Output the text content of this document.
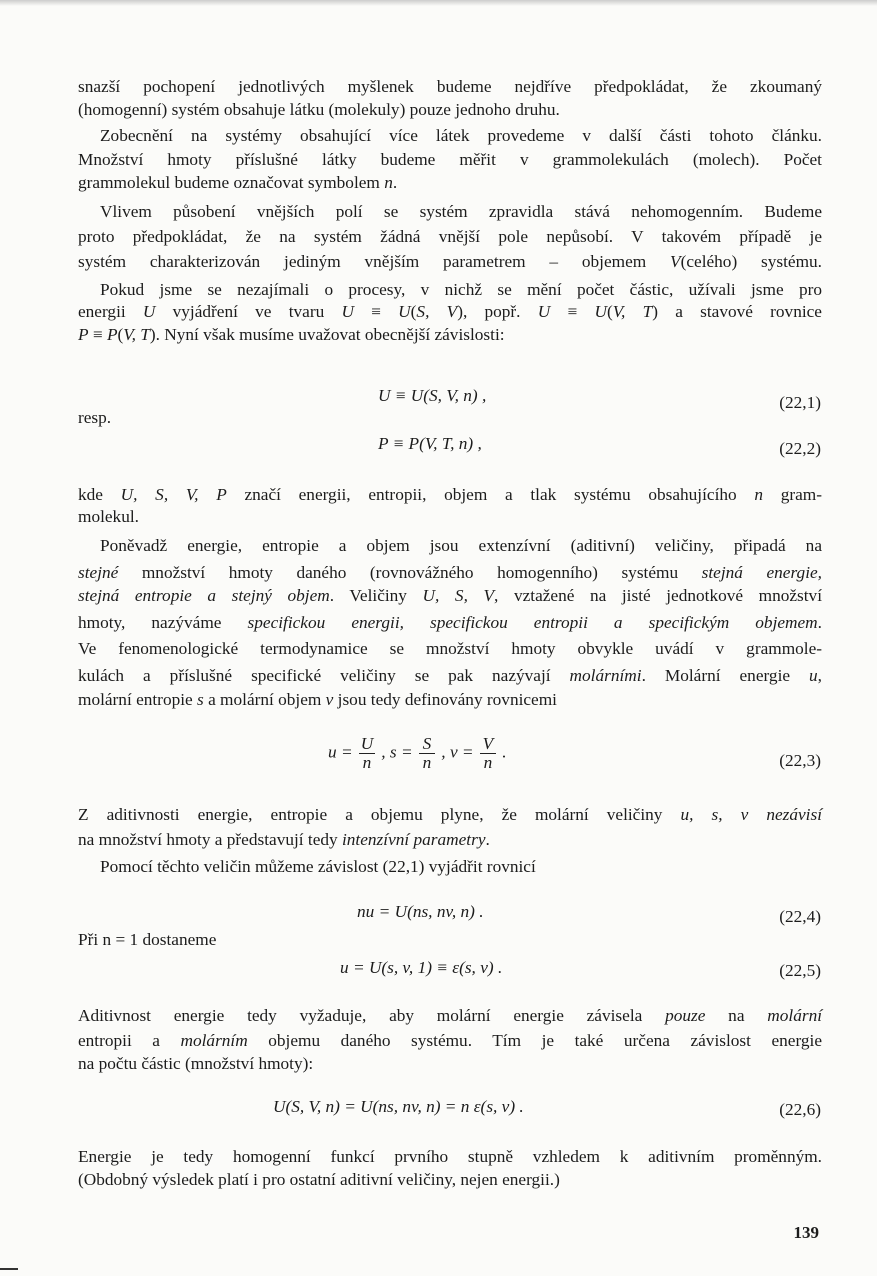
snazší pochopení jednotlivých myšlenek budeme nejdříve předpokládat, že zkoumaný
(homogenní) systém obsahuje látku (molekuly) pouze jednoho druhu.
Zobecnění na systémy obsahující více látek provedeme v další části tohoto článku.
Množství hmoty příslušné látky budeme měřit v grammolekulách (molech). Počet
grammolekul budeme označovat symbolem n.
Vlivem působení vnějších polí se systém zpravidla stává nehomogenním. Budeme
proto předpokládat, že na systém žádná vnější pole nepůsobí. V takovém případě je
systém charakterizován jediným vnějším parametrem – objemem V(celého) systému.
Pokud jsme se nezajímali o procesy, v nichž se mění počet částic, užívali jsme pro
energii U vyjádření ve tvaru U ≡ U(S, V), popř. U ≡ U(V, T) a stavové rovnice
P ≡ P(V, T). Nyní však musíme uvažovat obecnější závislosti:
U ≡ U(S, V, n) ,	(22,1)
resp.
P ≡ P(V, T, n) ,	(22,2)
kde U, S, V, P značí energii, entropii, objem a tlak systému obsahujícího n gram-
molekul.
Poněvadž energie, entropie a objem jsou extenzívní (aditivní) veličiny, připadá na
stejné množství hmoty daného (rovnovážného homogenního) systému stejná energie,
stejná entropie a stejný objem. Veličiny U, S, V, vztažené na jisté jednotkové množství
hmoty, nazýváme specifickou energii, specifickou entropii a specifickým objemem.
Ve fenomenologické termodynamice se množství hmoty obvykle uvádí v grammole-
kulách a příslušné specifické veličiny se pak nazývají molárními. Molární energie u,
molární entropie s a molární objem v jsou tedy definovány rovnicemi
$u = \frac{U}{n}$ , $s = \frac{S}{n}$ , $v = \frac{V}{n}$ .	(22,3)
Z aditivnosti energie, entropie a objemu plyne, že molární veličiny u, s, v nezávisí
na množství hmoty a představují tedy intenzívní parametry.
Pomocí těchto veličin můžeme závislost (22,1) vyjádřit rovnicí
nu = U(ns, nv, n) .	(22,4)
Při n = 1 dostaneme
u = U(s, v, 1) ≡ ε(s, v) .	(22,5)
Aditivnost energie tedy vyžaduje, aby molární energie závisela pouze na molární
entropii a molárním objemu daného systému. Tím je také určena závislost energie
na počtu částic (množství hmoty):
U(S, V, n) = U(ns, nv, n) = n ε(s, v) .	(22,6)
Energie je tedy homogenní funkcí prvního stupně vzhledem k aditivním proměnným.
(Obdobný výsledek platí i pro ostatní aditivní veličiny, nejen energii.)
139
